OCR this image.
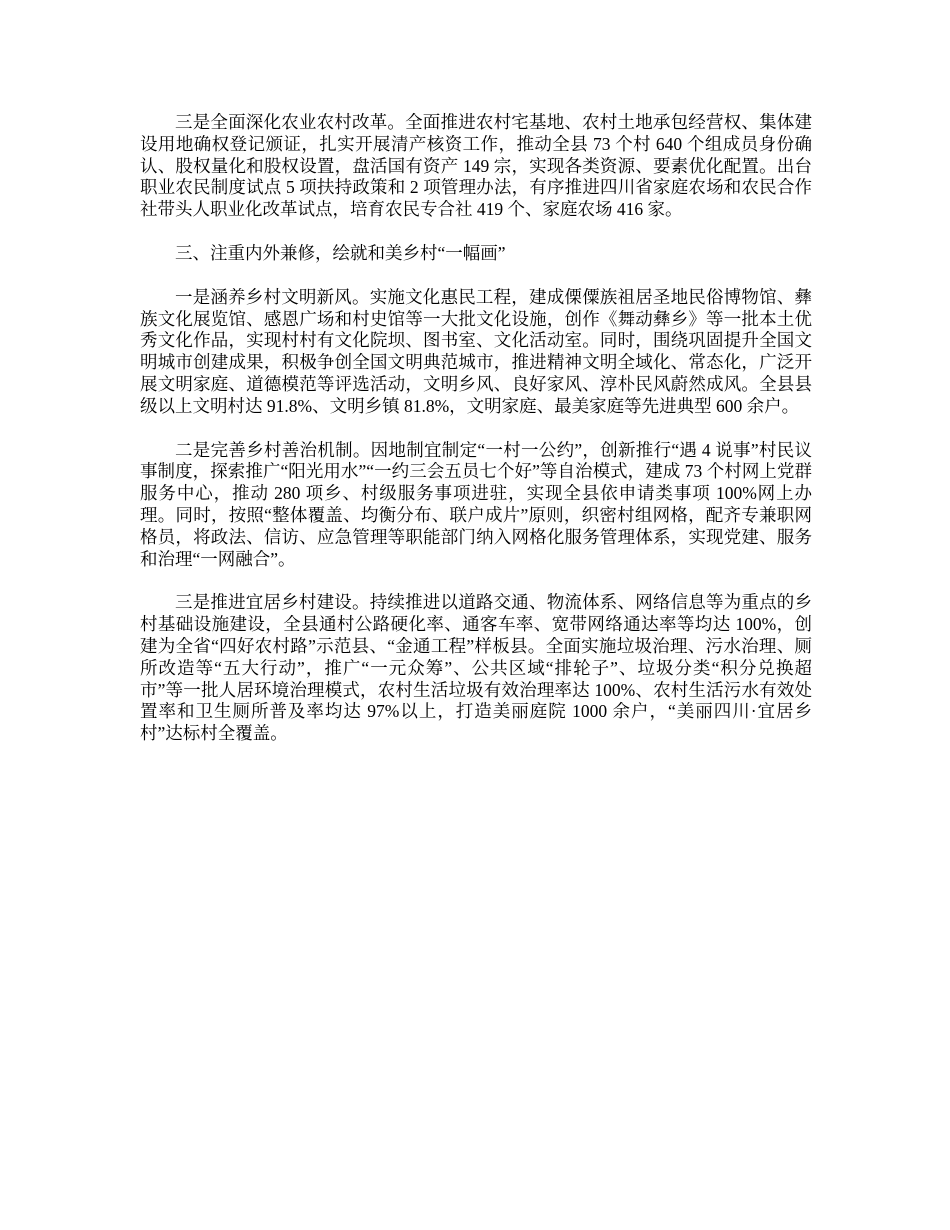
三是全面深化农业农村改革。全面推进农村宅基地、农村土地承包经营权、集体建设用地确权登记颁证，扎实开展清产核资工作，推动全县 73 个村 640 个组成员身份确认、股权量化和股权设置，盘活国有资产 149 宗，实现各类资源、要素优化配置。出台职业农民制度试点 5 项扶持政策和 2 项管理办法，有序推进四川省家庭农场和农民合作社带头人职业化改革试点，培育农民专合社 419 个、家庭农场 416 家。

三、注重内外兼修，绘就和美乡村“一幅画”

一是涵养乡村文明新风。实施文化惠民工程，建成傈僳族祖居圣地民俗博物馆、彝族文化展览馆、感恩广场和村史馆等一大批文化设施，创作《舞动彝乡》等一批本土优秀文化作品，实现村村有文化院坝、图书室、文化活动室。同时，围绕巩固提升全国文明城市创建成果，积极争创全国文明典范城市，推进精神文明全域化、常态化，广泛开展文明家庭、道德模范等评选活动，文明乡风、良好家风、淳朴民风蔚然成风。全县县级以上文明村达 91.8%、文明乡镇 81.8%，文明家庭、最美家庭等先进典型 600 余户。

二是完善乡村善治机制。因地制宜制定“一村一公约”，创新推行“遇 4 说事”村民议事制度，探索推广“阳光用水”“一约三会五员七个好”等自治模式，建成 73 个村网上党群服务中心，推动 280 项乡、村级服务事项进驻，实现全县依申请类事项 100%网上办理。同时，按照“整体覆盖、均衡分布、联户成片”原则，织密村组网格，配齐专兼职网格员，将政法、信访、应急管理等职能部门纳入网格化服务管理体系，实现党建、服务和治理“一网融合”。

三是推进宜居乡村建设。持续推进以道路交通、物流体系、网络信息等为重点的乡村基础设施建设，全县通村公路硬化率、通客车率、宽带网络通达率等均达 100%，创建为全省“四好农村路”示范县、“金通工程”样板县。全面实施垃圾治理、污水治理、厕所改造等“五大行动”，推广“一元众筹”、公共区域“排轮子”、垃圾分类“积分兑换超市”等一批人居环境治理模式，农村生活垃圾有效治理率达 100%、农村生活污水有效处置率和卫生厕所普及率均达 97%以上，打造美丽庭院 1000 余户，“美丽四川·宜居乡村”达标村全覆盖。
